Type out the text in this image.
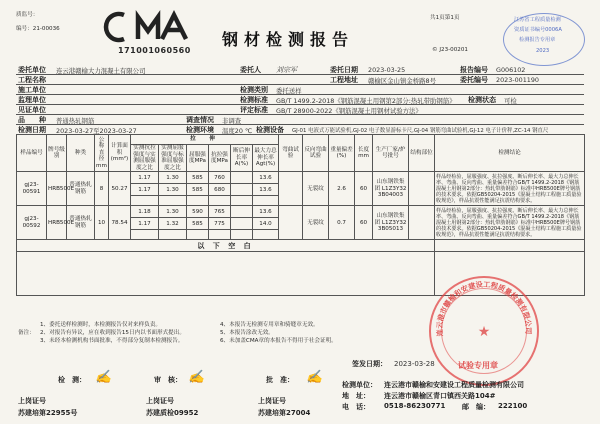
质监号：
编号：21-00036
171001060560
钢材检测报告
共1页第1页
© J23-00201
江苏省工程质量检测
资质证书编号0006A
检测报告专用章
2023
委托单位 连云港赣榆大力混凝土有限公司	委托人 刘宗军	委托日期 2023-03-25	报告编号 G006102
工程名称	工程地址 赣榆区金山镇金桥路8号	委托编号 2023-001190
施工单位	检测类别 委托送样
监理单位	检测标准 GB/T 1499.2-2018《钢筋混凝土用钢第2部分:热轧带肋钢筋》 检测状态 可检
见证单位	评定标准 GB/T 28900-2022《钢筋混凝土用钢材试验方法》
品　　种 普通热轧钢筋	调查情况 非调查
检测日期 2023-03-27至2023-03-27	检测环境 温度20 ℃ 检测设备 GJ-01 电液式万能试验机,GJ-02 电子数显游标卡尺,GJ-04 钢筋弯曲试验机,GJ-12 电子计价秤,ZC-14 钢直尺
样品编号	牌号级别	种类	公称直径mm	计算面积(mm²)	拉　伸						弯曲试验	反向弯曲试验	重量偏差(%)	长度mm	生产厂家/炉号批号	结构部位	检测结论
					实测抗拉强度与实测屈服强度之比	实测屈服强度与标准屈服强度之比	屈服强度MPa	抗拉强度MPa	断后伸长率A(%)	最大力总伸长率Agt(%)							
gj23-00591	HRB500E	普通热轧钢筋	8	50.27	1.17	1.30	585	760		13.6		无裂纹	2.6	60	山东钢铁集团 L1Z3Y32 3B04003		样品经检验，屈服强度、抗拉强度、断后伸长率、最大力总伸长率、弯曲、反向弯曲、重量偏差符合GB/T 1499.2-2018《钢筋混凝土用钢第2部分：热轧带肋钢筋》标准中HRB500E牌号钢筋的技术要求。依据GB50204-2015《混凝土结构工程施工质量验收规范》，样品抗震性能满足抗震结构要求。
					1.17	1.30	585	680		13.6							

gj23-00592	HRB500E	普通热轧钢筋	10	78.54	1.18	1.30	590	765		13.6		无裂纹	0.7	60	山东钢铁集团 L1Z3Y32 3B05013		样品经检验，屈服强度、抗拉强度、断后伸长率、最大力总伸长率、弯曲、反向弯曲、重量偏差符合GB/T 1499.2-2018《钢筋混凝土用钢第2部分：热轧带肋钢筋》标准中HRB500E牌号钢筋的技术要求。依据GB50204-2015《混凝土结构工程施工质量验收规范》，样品抗震性能满足抗震结构要求。
					1.17	1.32	585	775		14.0							

以 下 空 白																	

备注：
1、委托送样检测时，本检测报告仅对来样负责。
2、对报告有异议，应在收到报告15日内以书面形式提出。
3、未经本检测机构书面批准，不得部分复制本检测报告。
4、本报告无检测专用章和骑缝章无效。
5、本报告涂改无效。
6、未加盖CMA章的本报告不得用于社会证明。
连云港市赣榆和安建设工程质量检测有限公司
★
试验专用章
检　测： ✍	审　核： ✍	批　准： ✍
签发日期： 2023-03-28
检测单位： 连云港市赣榆和安建设工程质量检测有限公司
地　址： 连云港市赣榆区青口镇西关路104#
电　话： 0518-86230771 邮　编： 222100
上岗证号
苏建培第22955号
上岗证号
苏建质检09952
上岗证号
苏建培第27004
